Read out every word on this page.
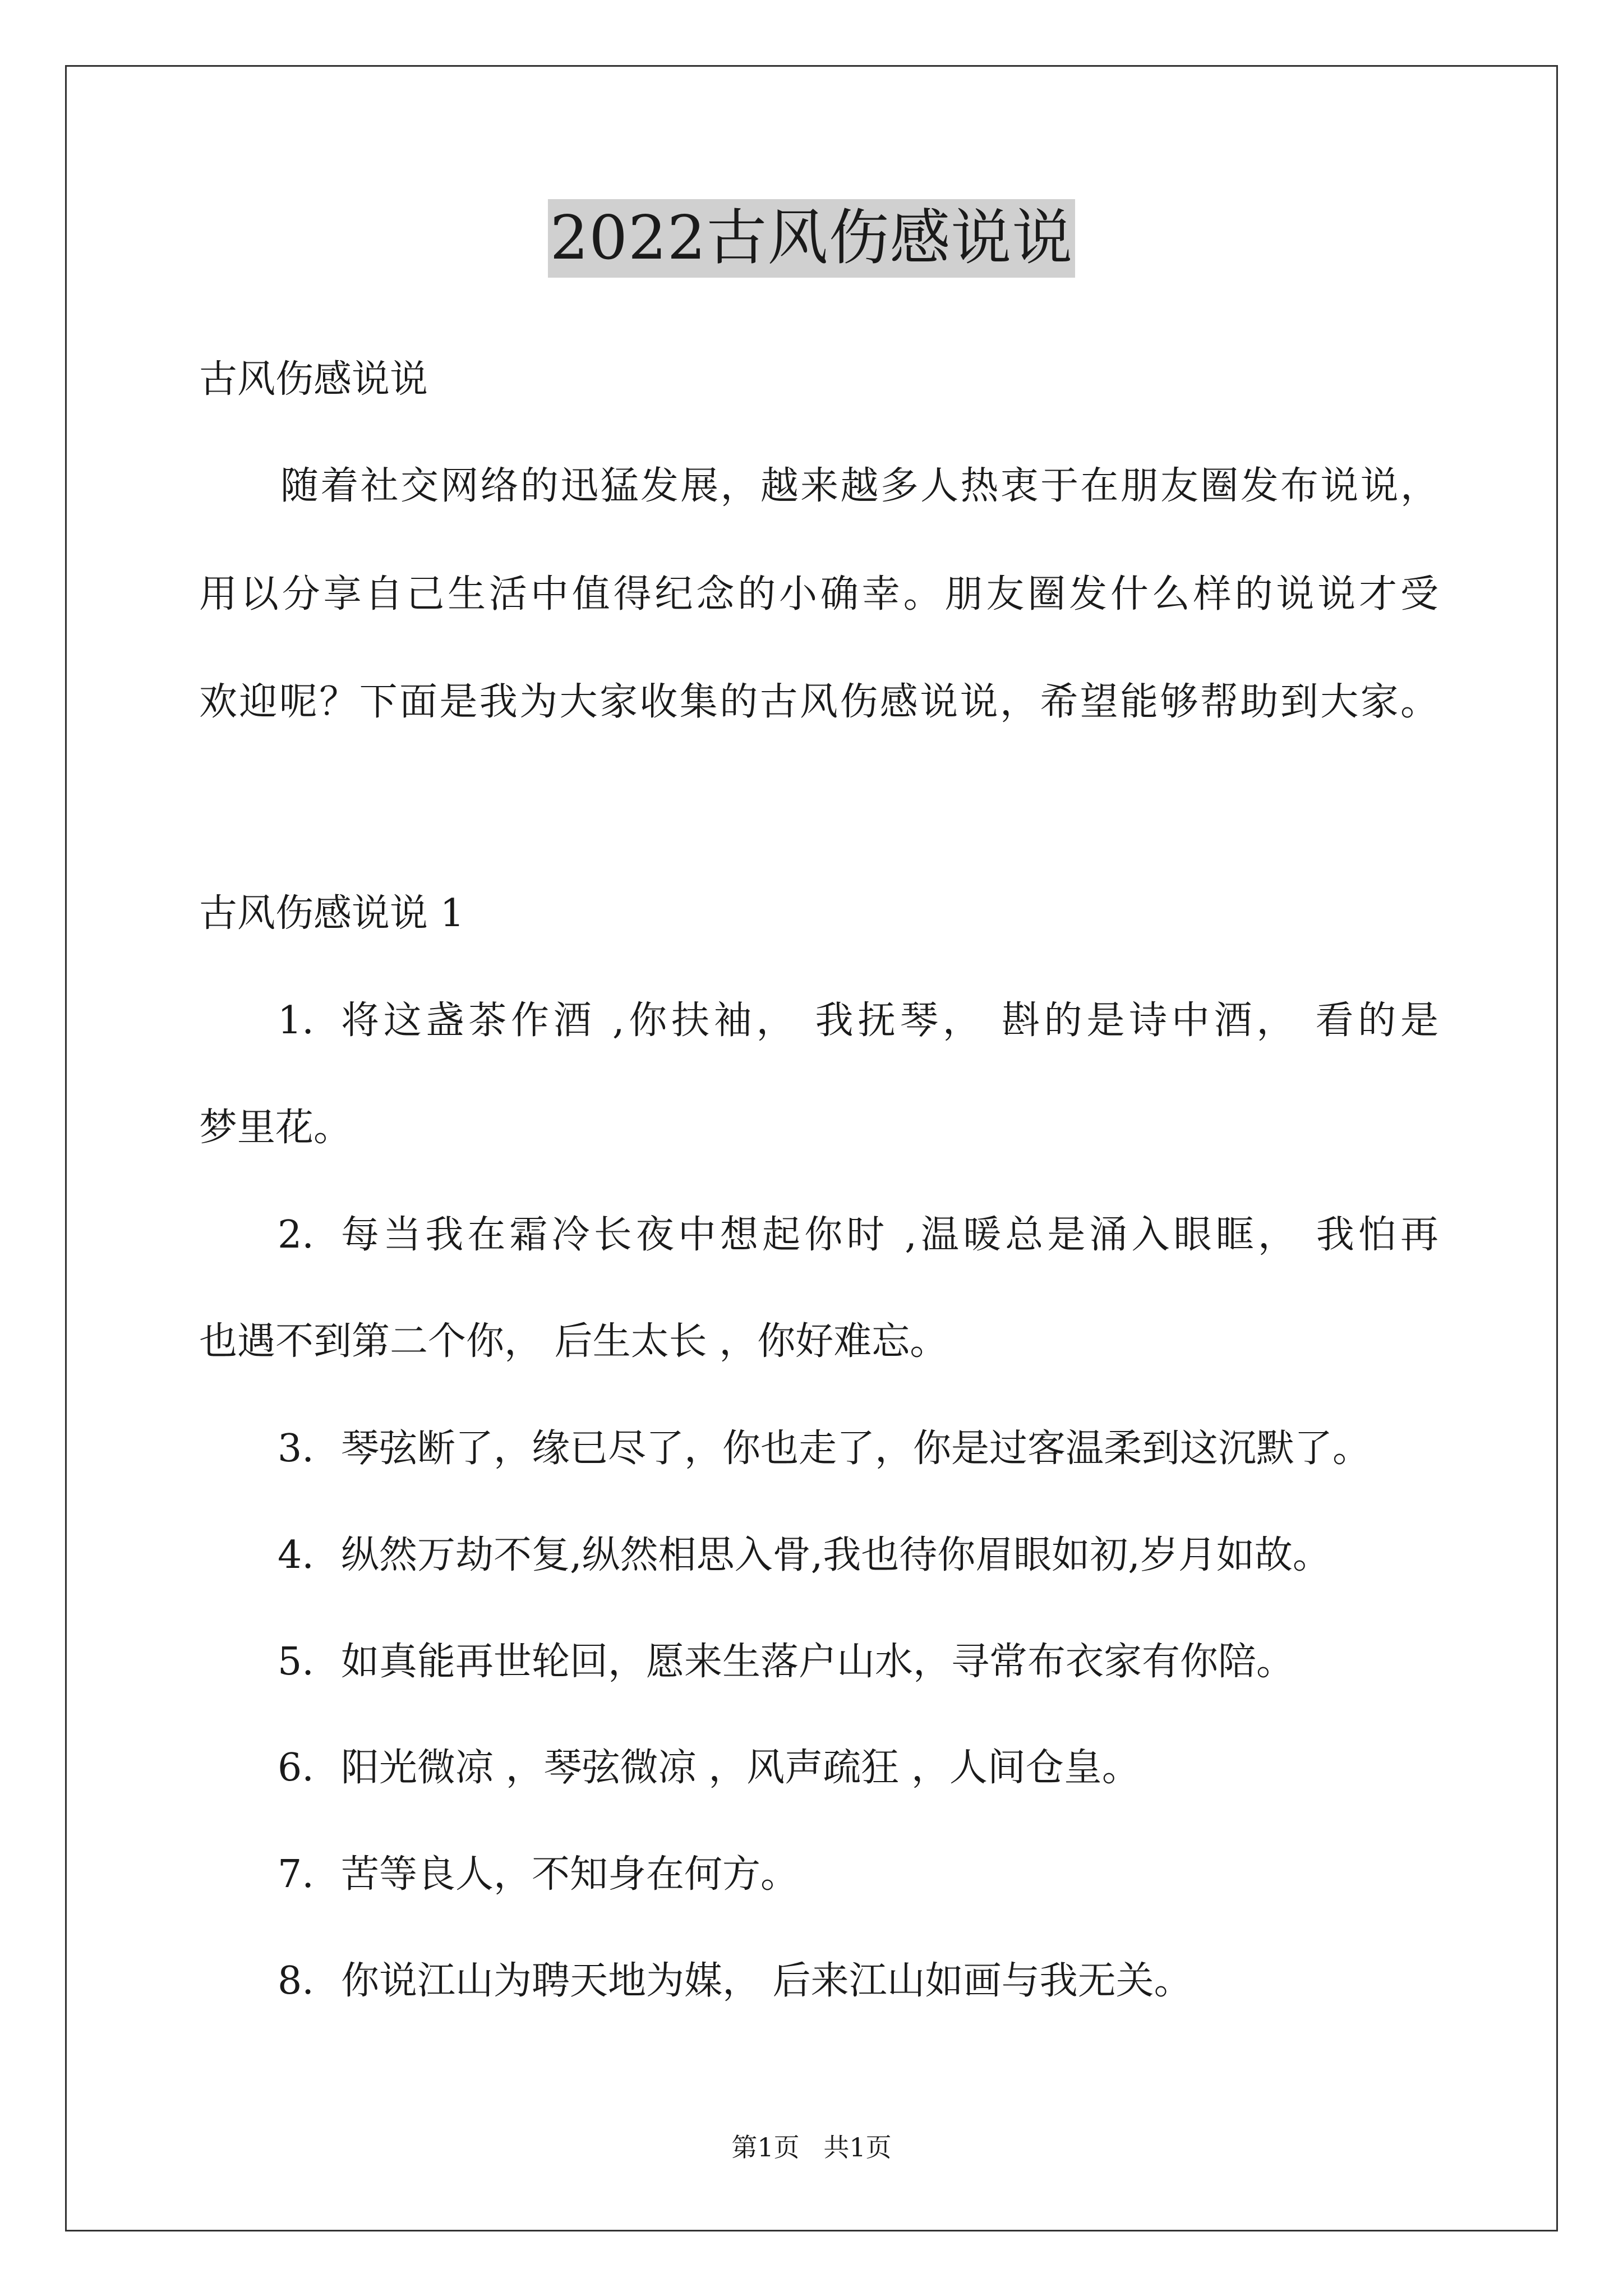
2022古风伤感说说
古风伤感说说
随着社交网络的迅猛发展，越来越多人热衷于在朋友圈发布说说，
用以分享自己生活中值得纪念的小确幸。朋友圈发什么样的说说才受
欢迎呢？下面是我为大家收集的古风伤感说说，希望能够帮助到大家。
古风伤感说说 1
1. 将这盏茶作酒 ,你扶袖， 我抚琴， 斟的是诗中酒， 看的是
梦里花。
2. 每当我在霜冷长夜中想起你时 ,温暖总是涌入眼眶， 我怕再
也遇不到第二个你， 后生太长 ，你好难忘。
3. 琴弦断了，缘已尽了，你也走了，你是过客温柔到这沉默了。
4. 纵然万劫不复,纵然相思入骨,我也待你眉眼如初,岁月如故。
5. 如真能再世轮回，愿来生落户山水，寻常布衣家有你陪。
6. 阳光微凉 ，琴弦微凉 ，风声疏狂 ，人间仓皇。
7. 苦等良人，不知身在何方。
8. 你说江山为聘天地为媒， 后来江山如画与我无关。
第1页 共1页
